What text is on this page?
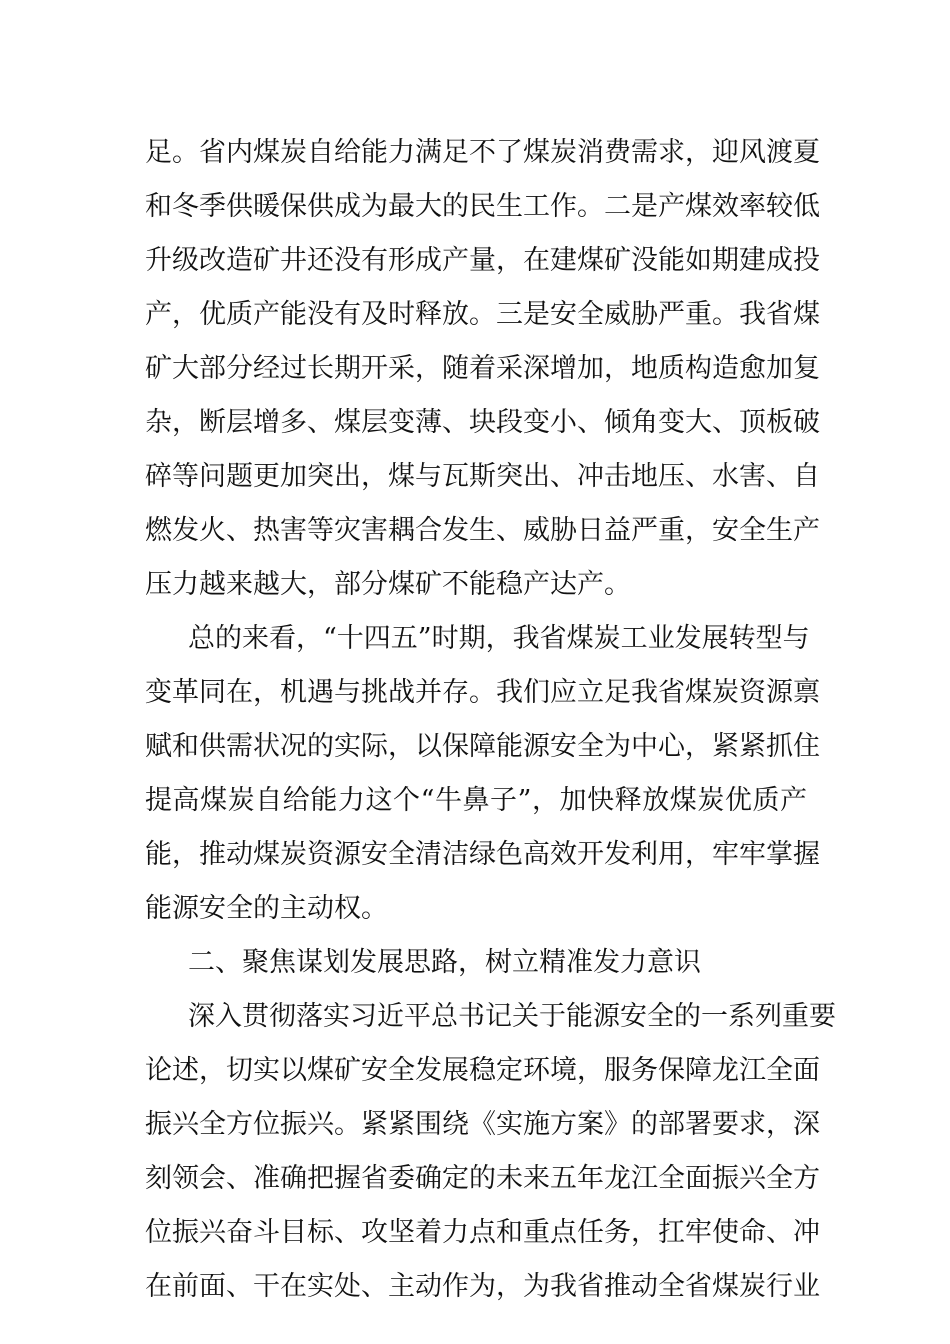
足。省内煤炭自给能力满足不了煤炭消费需求，迎风渡夏
和冬季供暖保供成为最大的民生工作。二是产煤效率较低
升级改造矿井还没有形成产量，在建煤矿没能如期建成投
产，优质产能没有及时释放。三是安全威胁严重。我省煤
矿大部分经过长期开采，随着采深增加，地质构造愈加复
杂，断层增多、煤层变薄、块段变小、倾角变大、顶板破
碎等问题更加突出，煤与瓦斯突出、冲击地压、水害、自
燃发火、热害等灾害耦合发生、威胁日益严重，安全生产
压力越来越大，部分煤矿不能稳产达产。
总的来看，“十四五”时期，我省煤炭工业发展转型与
变革同在，机遇与挑战并存。我们应立足我省煤炭资源禀
赋和供需状况的实际，以保障能源安全为中心，紧紧抓住
提高煤炭自给能力这个“牛鼻子”，加快释放煤炭优质产
能，推动煤炭资源安全清洁绿色高效开发利用，牢牢掌握
能源安全的主动权。
二、聚焦谋划发展思路，树立精准发力意识
深入贯彻落实习近平总书记关于能源安全的一系列重要
论述，切实以煤矿安全发展稳定环境，服务保障龙江全面
振兴全方位振兴。紧紧围绕《实施方案》的部署要求，深
刻领会、准确把握省委确定的未来五年龙江全面振兴全方
位振兴奋斗目标、攻坚着力点和重点任务，扛牢使命、冲
在前面、干在实处、主动作为，为我省推动全省煤炭行业
